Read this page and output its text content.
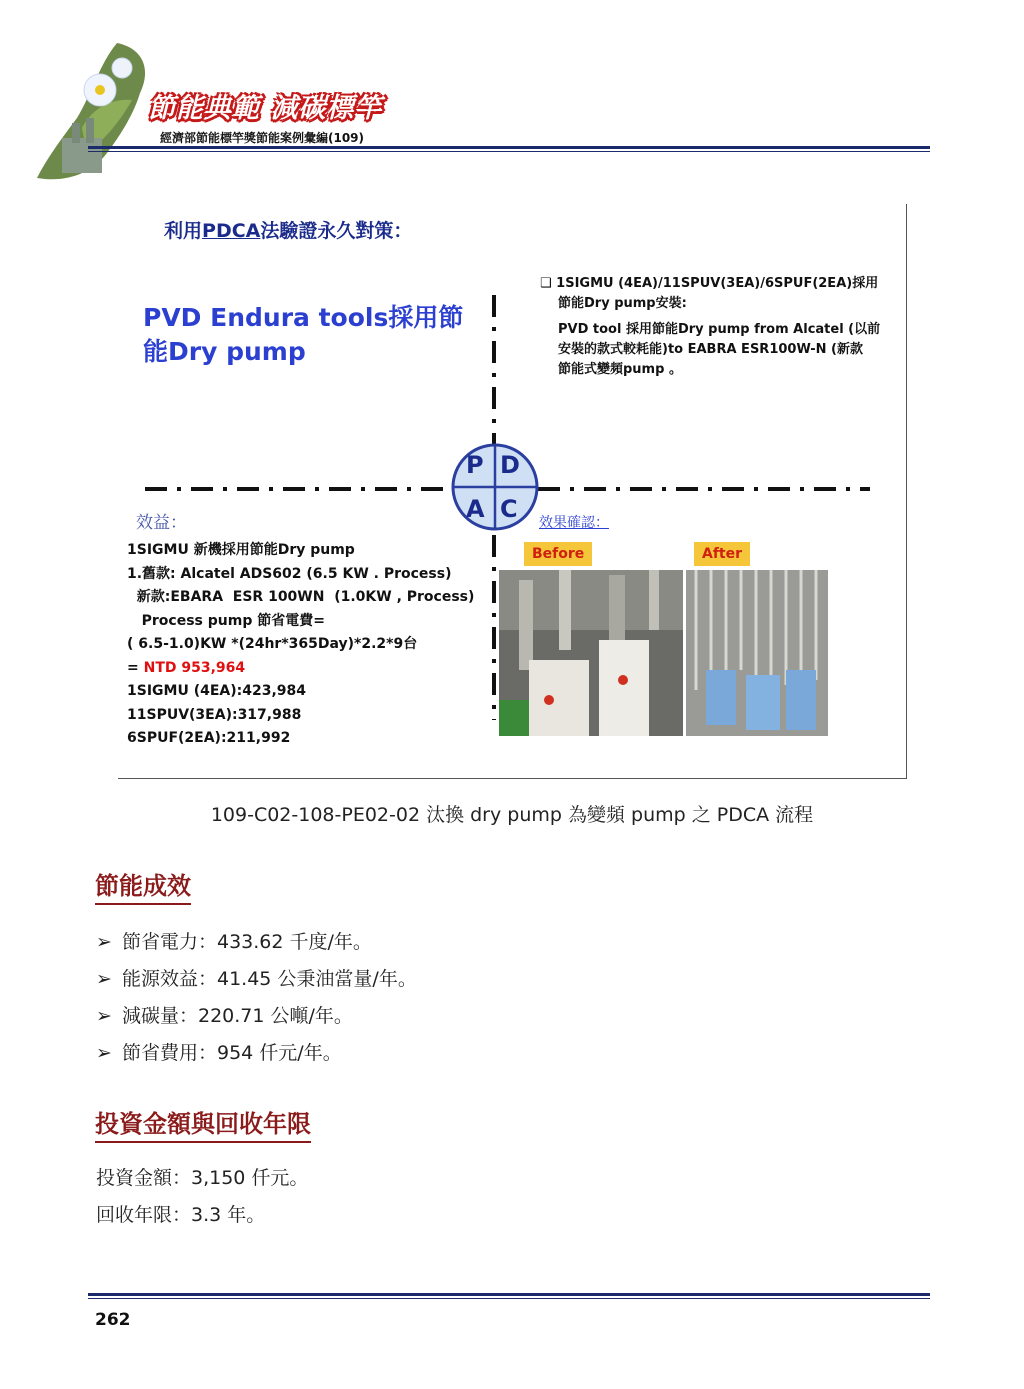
節能典範 減碳標竿
經濟部節能標竿獎節能案例彙編(109)
利用PDCA法驗證永久對策：
P D
A C
PVD Endura tools採用節
能Dry pump
❑ 1SIGMU (4EA)/11SPUV(3EA)/6SPUF(2EA)採用
節能Dry pump安裝:
PVD tool 採用節能Dry pump from Alcatel (以前
安裝的款式較耗能)to EABRA ESR100W-N (新款
節能式變頻pump 。
效益：
1SIGMU 新機採用節能Dry pump
1.舊款: Alcatel ADS602 (6.5 KW . Process)
新款:EBARA  ESR 100WN  (1.0KW , Process)
Process pump 節省電費=
( 6.5-1.0)KW *(24hr*365Day)*2.2*9台
= NTD 953,964
1SIGMU (4EA):423,984
11SPUV(3EA):317,988
6SPUF(2EA):211,992
效果確認：
Before	After
109-C02-108-PE02-02 汰換 dry pump 為變頻 pump 之 PDCA 流程
節能成效
➢ 節省電力：433.62 千度/年。
➢ 能源效益：41.45 公秉油當量/年。
➢ 減碳量：220.71 公噸/年。
➢ 節省費用：954 仟元/年。
投資金額與回收年限
投資金額：3,150 仟元。
回收年限：3.3 年。
262
